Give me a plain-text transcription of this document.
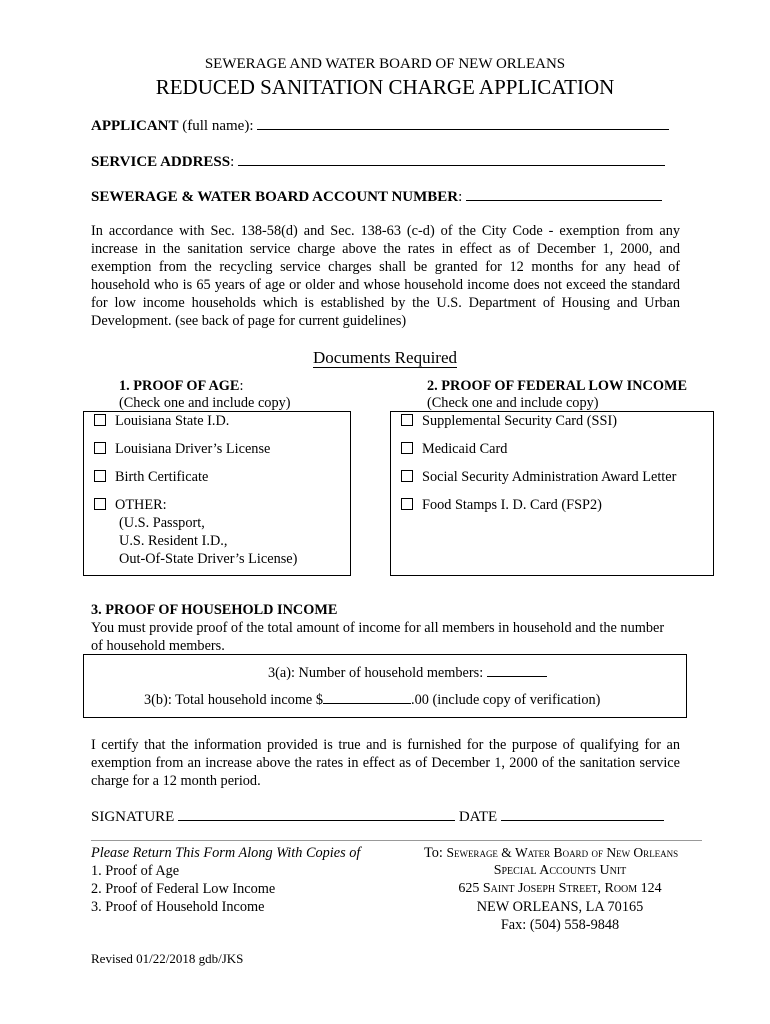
SEWERAGE AND WATER BOARD OF NEW ORLEANS
REDUCED SANITATION CHARGE APPLICATION
APPLICANT (full name):
SERVICE ADDRESS:
SEWERAGE & WATER BOARD ACCOUNT NUMBER:
In accordance with Sec. 138-58(d) and Sec. 138-63 (c-d) of the City Code - exemption from any increase in the sanitation service charge above the rates in effect as of December 1, 2000, and exemption from the recycling service charges shall be granted for 12 months for any head of household who is 65 years of age or older and whose household income does not exceed the standard for low income households which is established by the U.S. Department of Housing and Urban Development. (see back of page for current guidelines)
Documents Required
1. PROOF OF AGE:
(Check one and include copy)
2. PROOF OF FEDERAL LOW INCOME
(Check one and include copy)
Louisiana State I.D.
Louisiana Driver’s License
Birth Certificate
OTHER:
(U.S. Passport,
U.S. Resident I.D.,
Out-Of-State Driver’s License)
Supplemental Security Card (SSI)
Medicaid Card
Social Security Administration Award Letter
Food Stamps I. D. Card (FSP2)
3. PROOF OF HOUSEHOLD INCOME
You must provide proof of the total amount of income for all members in household and the number of household members.
3(a): Number of household members:
3(b): Total household income $	.00 (include copy of verification)
I certify that the information provided is true and is furnished for the purpose of qualifying for an exemption from an increase above the rates in effect as of December 1, 2000 of the sanitation service charge for a 12 month period.
SIGNATURE	DATE
Please Return This Form Along With Copies of
1. Proof of Age
2. Proof of Federal Low Income
3. Proof of Household Income
To: Sewerage & Water Board of New Orleans
Special Accounts Unit
625 Saint Joseph Street, Room 124
NEW ORLEANS, LA 70165
Fax: (504) 558-9848
Revised 01/22/2018 gdb/JKS
